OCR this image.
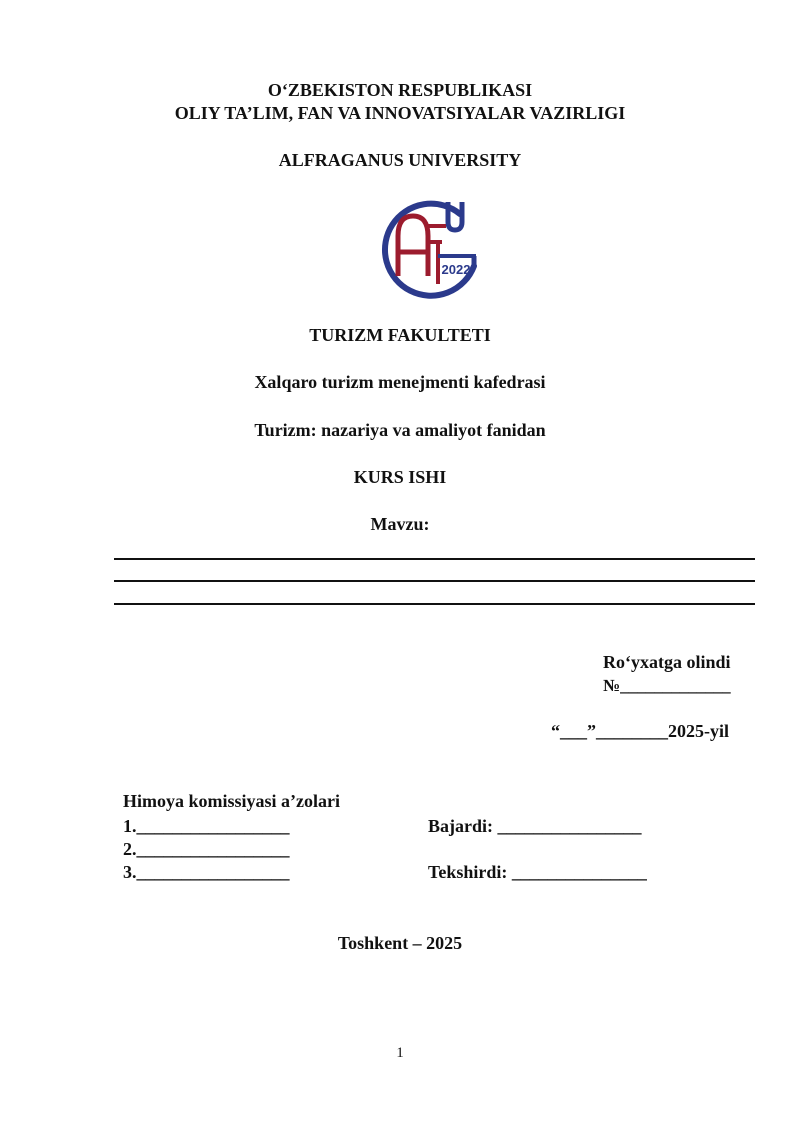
O‘ZBEKISTON RESPUBLIKASI
OLIY TA’LIM, FAN VA INNOVATSIYALAR VAZIRLIGI
ALFRAGANUS UNIVERSITY
2022
TURIZM FAKULTETI
Xalqaro turizm menejmenti kafedrasi
Turizm: nazariya va amaliyot fanidan
KURS ISHI
Mavzu:
Ro‘yxatga olindi
№_____________
“___”________2025-yil
Himoya komissiyasi a’zolari
1._________________
2._________________
3._________________
Bajardi: ________________
Tekshirdi: _______________
Toshkent – 2025
1
